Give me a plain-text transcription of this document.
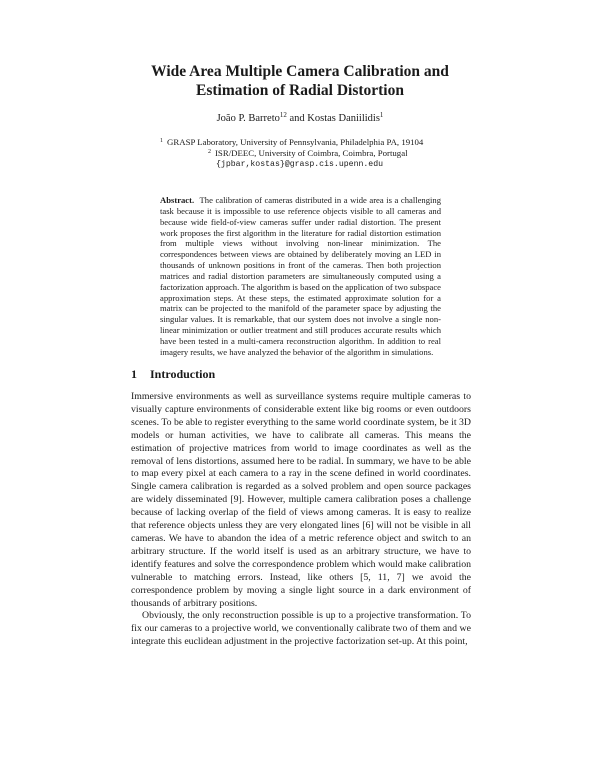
Wide Area Multiple Camera Calibration and
Estimation of Radial Distortion
João P. Barreto$^{12}$ and Kostas Daniilidis$^1$
$^1$ GRASP Laboratory, University of Pennsylvania, Philadelphia PA, 19104
$^2$ ISR/DEEC, University of Coimbra, Coimbra, Portugal
{jpbar,kostas}@grasp.cis.upenn.edu

Abstract. The calibration of cameras distributed in a wide area is a challenging task because it is impossible to use reference objects visible to all cameras and because wide field-of-view cameras suffer under radial distortion. The present work proposes the first algorithm in the literature for radial distortion estimation from multiple views without involving non-linear minimization. The correspondences between views are obtained by deliberately moving an LED in thousands of unknown positions in front of the cameras. Then both projection matrices and radial distortion parameters are simultaneously computed using a factorization approach. The algorithm is based on the application of two subspace approximation steps. At these steps, the estimated approximate solution for a matrix can be projected to the manifold of the parameter space by adjusting the singular values. It is remarkable, that our system does not involve a single non-linear minimization or outlier treatment and still produces accurate results which have been tested in a multi-camera reconstruction algorithm. In addition to real imagery results, we have analyzed the behavior of the algorithm in simulations.

1 Introduction

Immersive environments as well as surveillance systems require multiple cameras to visually capture environments of considerable extent like big rooms or even outdoors scenes. To be able to register everything to the same world coordinate system, be it 3D models or human activities, we have to calibrate all cameras. This means the estimation of projective matrices from world to image coordinates as well as the removal of lens distortions, assumed here to be radial. In summary, we have to be able to map every pixel at each camera to a ray in the scene defined in world coordinates. Single camera calibration is regarded as a solved problem and open source packages are widely disseminated [9]. However, multiple camera calibration poses a challenge because of lacking overlap of the field of views among cameras. It is easy to realize that reference objects unless they are very elongated lines [6] will not be visible in all cameras. We have to abandon the idea of a metric reference object and switch to an arbitrary structure. If the world itself is used as an arbitrary structure, we have to identify features and solve the correspondence problem which would make calibration vulnerable to matching errors. Instead, like others [5, 11, 7] we avoid the correspondence problem by moving a single light source in a dark environment of thousands of arbitrary positions.

Obviously, the only reconstruction possible is up to a projective transformation. To fix our cameras to a projective world, we conventionally calibrate two of them and we integrate this euclidean adjustment in the projective factorization set-up. At this point,
